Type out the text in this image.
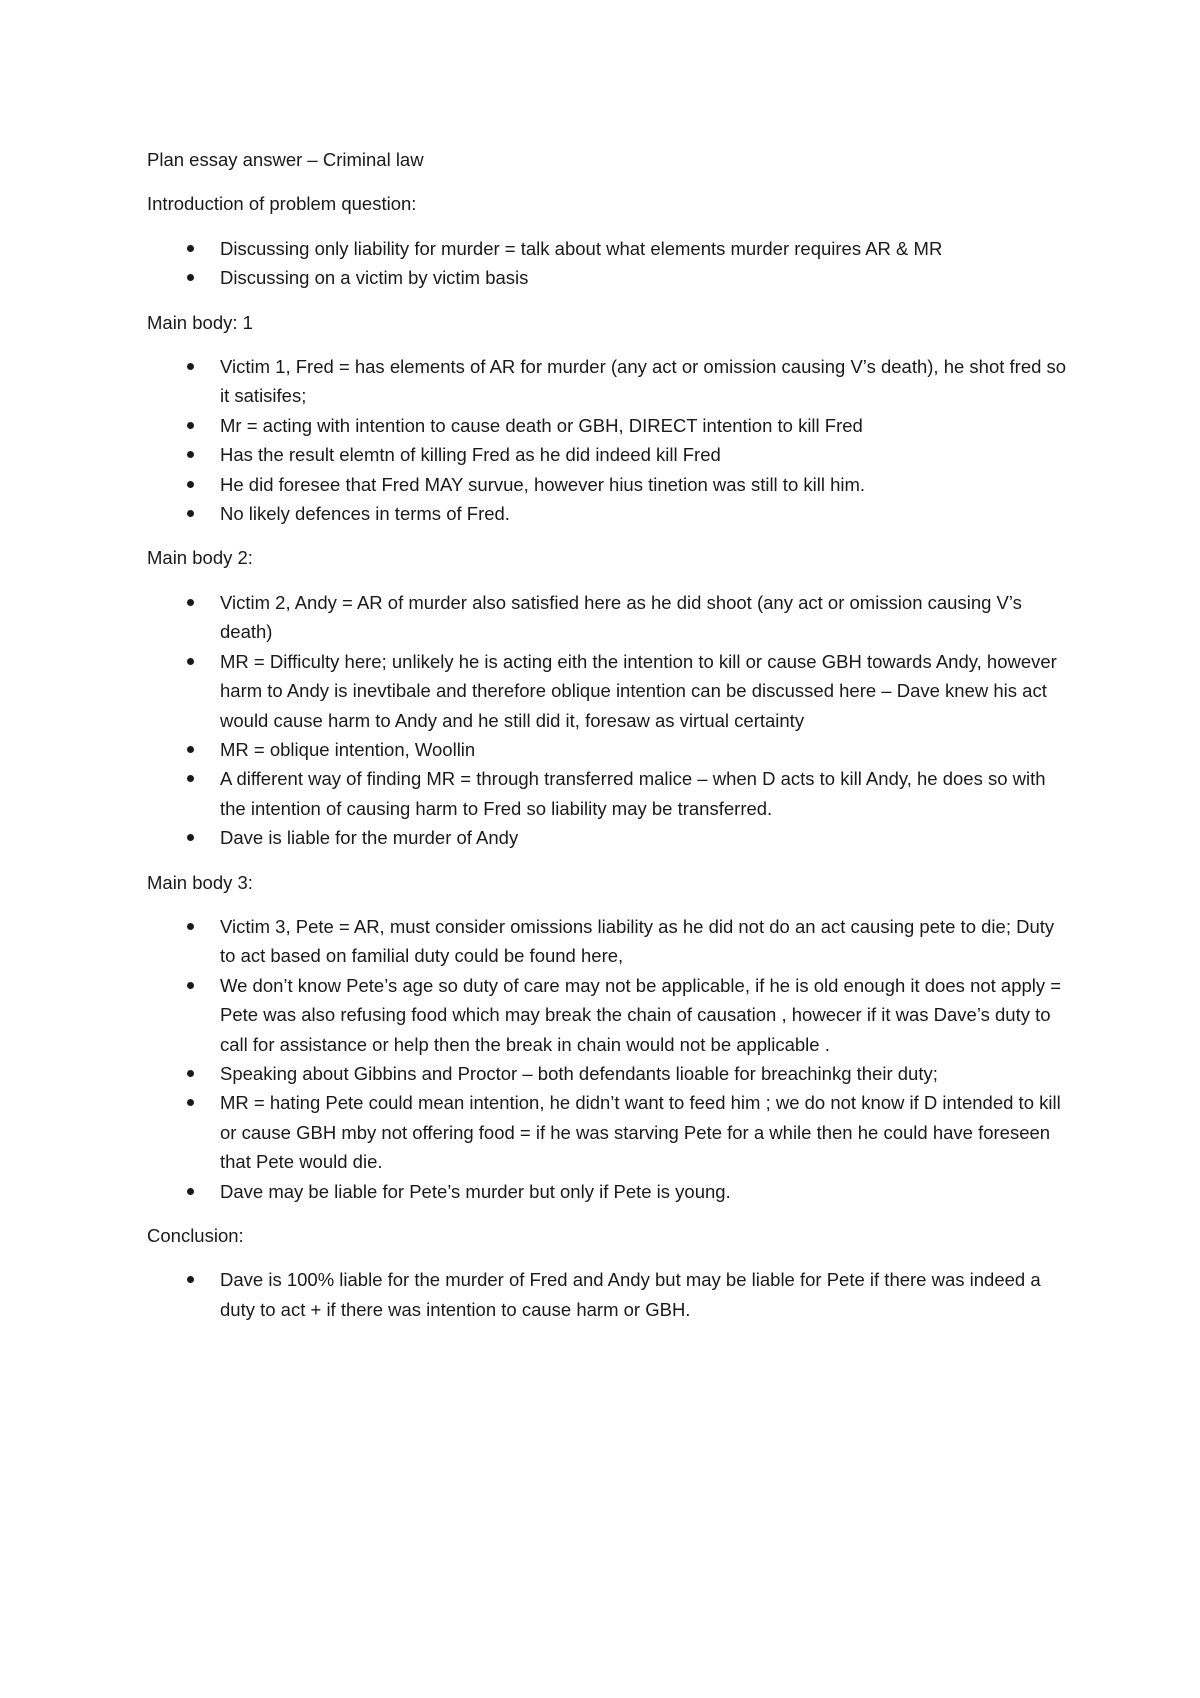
Plan essay answer – Criminal law

Introduction of problem question:

Discussing only liability for murder = talk about what elements murder requires AR & MR
Discussing on a victim by victim basis

Main body: 1

Victim 1, Fred = has elements of AR for murder (any act or omission causing V’s death), he shot fred so it satisifes;
Mr = acting with intention to cause death or GBH, DIRECT intention to kill Fred
Has the result elemtn of killing Fred as he did indeed kill Fred
He did foresee that Fred MAY survue, however hius tinetion was still to kill him.
No likely defences in terms of Fred.

Main body 2:

Victim 2, Andy = AR of murder also satisfied here as he did shoot (any act or omission causing V’s death)
MR = Difficulty here; unlikely he is acting eith the intention to kill or cause GBH towards Andy, however harm to Andy is inevtibale and therefore oblique intention can be discussed here – Dave knew his act would cause harm to Andy and he still did it, foresaw as virtual certainty
MR = oblique intention, Woollin
A different way of finding MR = through transferred malice – when D acts to kill Andy, he does so with the intention of causing harm to Fred so liability may be transferred.
Dave is liable for the murder of Andy

Main body 3:

Victim 3, Pete = AR, must consider omissions liability as he did not do an act causing pete to die; Duty to act based on familial duty could be found here,
We don’t know Pete’s age so duty of care may not be applicable, if he is old enough it does not apply = Pete was also refusing food which may break the chain of causation , howecer if it was Dave’s duty to call for assistance or help then the break in chain would not be applicable .
Speaking about Gibbins and Proctor – both defendants lioable for breachinkg their duty;
MR = hating Pete could mean intention, he didn’t want to feed him ; we do not know if D intended to kill or cause GBH mby not offering food = if he was starving Pete for a while then he could have foreseen that Pete would die.
Dave may be liable for Pete’s murder but only if Pete is young.

Conclusion:

Dave is 100% liable for the murder of Fred and Andy but may be liable for Pete if there was indeed a duty to act + if there was intention to cause harm or GBH.
